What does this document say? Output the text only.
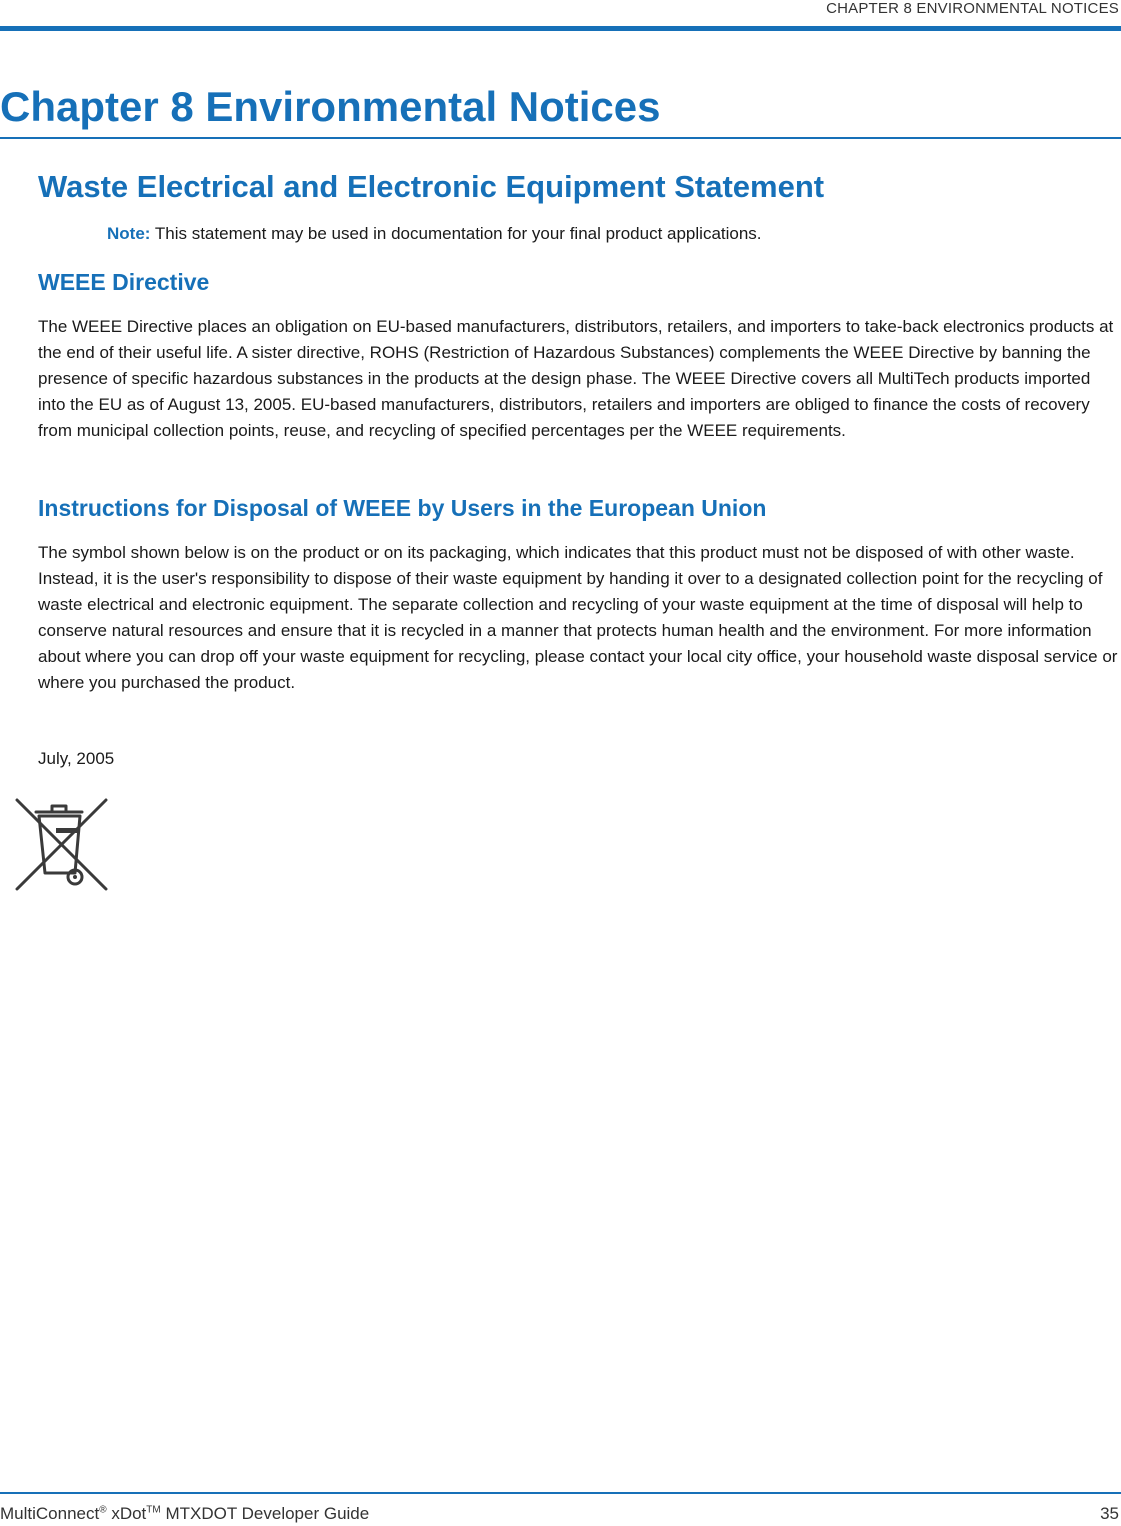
CHAPTER 8 ENVIRONMENTAL NOTICES
Chapter 8 Environmental Notices
Waste Electrical and Electronic Equipment Statement

Note: This statement may be used in documentation for your final product applications.

WEEE Directive

The WEEE Directive places an obligation on EU-based manufacturers, distributors, retailers, and importers to take-back electronics products at the end of their useful life. A sister directive, ROHS (Restriction of Hazardous Substances) complements the WEEE Directive by banning the presence of specific hazardous substances in the products at the design phase. The WEEE Directive covers all MultiTech products imported into the EU as of August 13, 2005. EU-based manufacturers, distributors, retailers and importers are obliged to finance the costs of recovery from municipal collection points, reuse, and recycling of specified percentages per the WEEE requirements.

Instructions for Disposal of WEEE by Users in the European Union

The symbol shown below is on the product or on its packaging, which indicates that this product must not be disposed of with other waste. Instead, it is the user's responsibility to dispose of their waste equipment by handing it over to a designated collection point for the recycling of waste electrical and electronic equipment. The separate collection and recycling of your waste equipment at the time of disposal will help to conserve natural resources and ensure that it is recycled in a manner that protects human health and the environment. For more information about where you can drop off your waste equipment for recycling, please contact your local city office, your household waste disposal service or where you purchased the product.

July, 2005

MultiConnect® xDot™ MTXDOT Developer Guide	35
